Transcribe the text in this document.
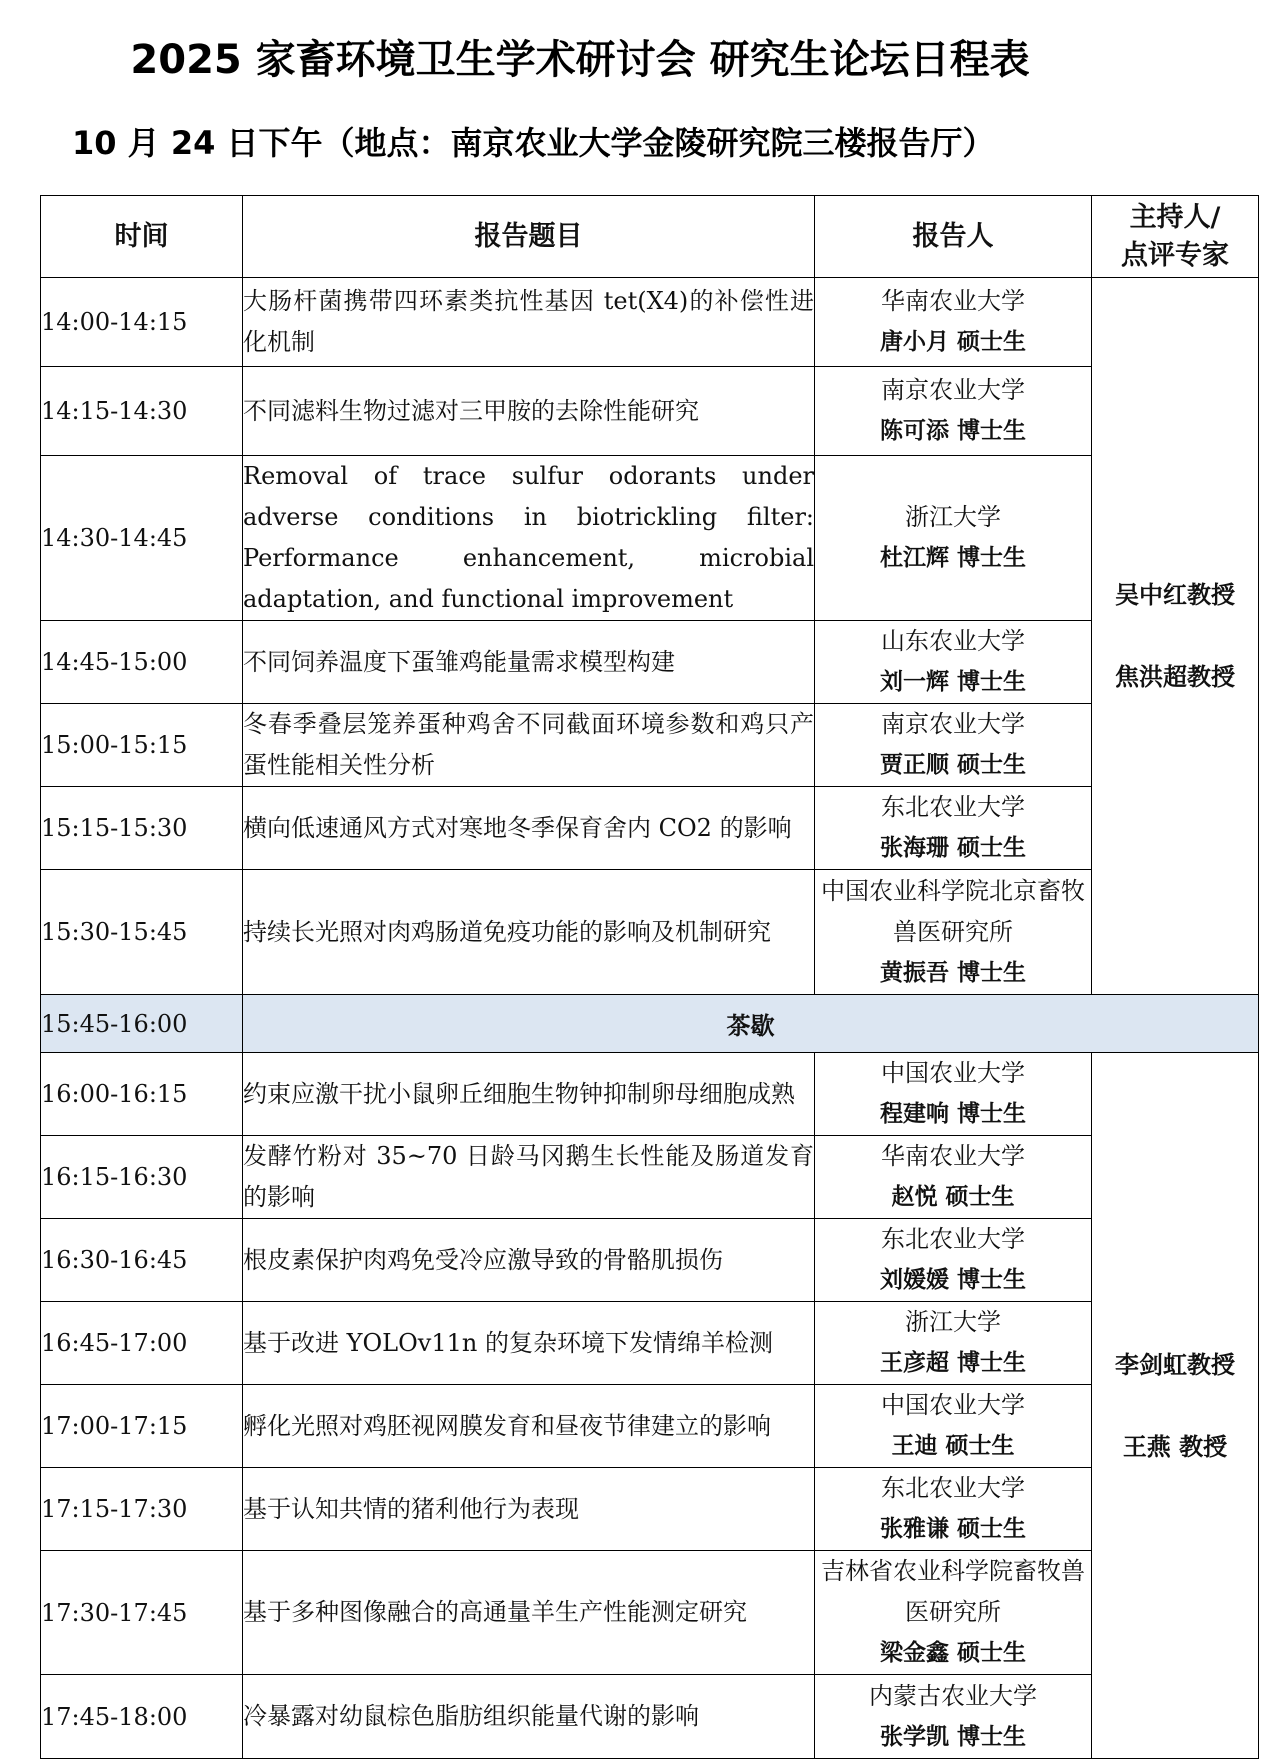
2025 家畜环境卫生学术研讨会 研究生论坛日程表
10 月 24 日下午（地点：南京农业大学金陵研究院三楼报告厅）
时间	报告题目	报告人	主持人/
点评专家

14:00-14:15	大肠杆菌携带四环素类抗性基因 tet(X4)的补偿性进化机制	华南农业大学
唐小月 硕士生	吴中红教授
焦洪超教授

14:15-14:30	不同滤料生物过滤对三甲胺的去除性能研究	南京农业大学
陈可添 博士生	

14:30-14:45	Removal of trace sulfur odorants under adverse conditions in biotrickling filter: Performance enhancement, microbial adaptation, and functional improvement	浙江大学
杜江辉 博士生	

14:45-15:00	不同饲养温度下蛋雏鸡能量需求模型构建	山东农业大学
刘一辉 博士生	

15:00-15:15	冬春季叠层笼养蛋种鸡舍不同截面环境参数和鸡只产蛋性能相关性分析	南京农业大学
贾正顺 硕士生	

15:15-15:30	横向低速通风方式对寒地冬季保育舍内 CO2 的影响	东北农业大学
张海珊 硕士生	

15:30-15:45	持续长光照对肉鸡肠道免疫功能的影响及机制研究	中国农业科学院北京畜牧兽医研究所
黄振吾 博士生	

15:45-16:00	茶歇		
16:00-16:15	约束应激干扰小鼠卵丘细胞生物钟抑制卵母细胞成熟	中国农业大学
程建响 博士生	李剑虹教授
王燕 教授

16:15-16:30	发酵竹粉对 35~70 日龄马冈鹅生长性能及肠道发育的影响	华南农业大学
赵悦 硕士生	

16:30-16:45	根皮素保护肉鸡免受冷应激导致的骨骼肌损伤	东北农业大学
刘媛媛 博士生	

16:45-17:00	基于改进 YOLOv11n 的复杂环境下发情绵羊检测	浙江大学
王彦超 博士生	

17:00-17:15	孵化光照对鸡胚视网膜发育和昼夜节律建立的影响	中国农业大学
王迪 硕士生	

17:15-17:30	基于认知共情的猪利他行为表现	东北农业大学
张雅谦 硕士生	

17:30-17:45	基于多种图像融合的高通量羊生产性能测定研究	吉林省农业科学院畜牧兽医研究所
梁金鑫 硕士生	

17:45-18:00	冷暴露对幼鼠棕色脂肪组织能量代谢的影响	内蒙古农业大学
张学凯 博士生	
